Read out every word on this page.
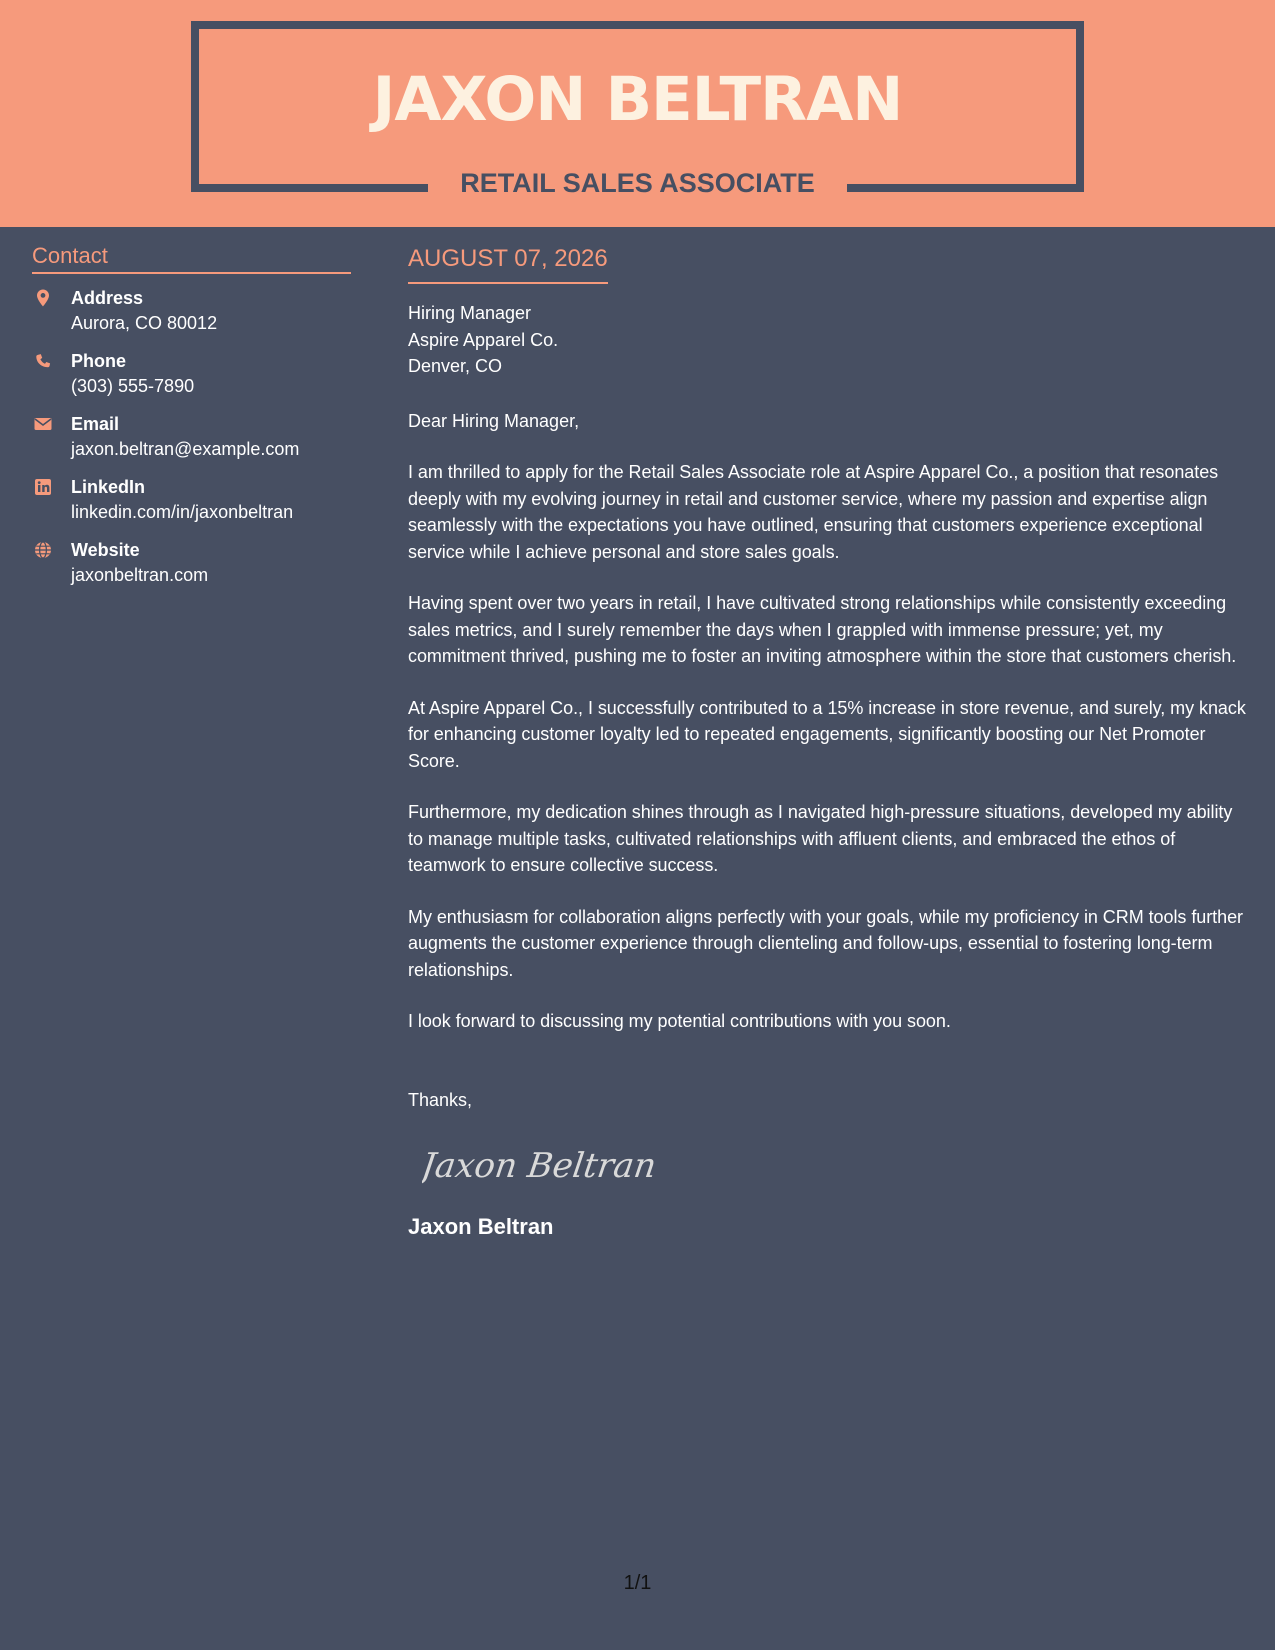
JAXON BELTRAN
RETAIL SALES ASSOCIATE
Contact
Address
Aurora, CO 80012
Phone
(303) 555-7890
Email
jaxon.beltran@example.com
LinkedIn
linkedin.com/in/jaxonbeltran
Website
jaxonbeltran.com
AUGUST 07, 2026
Hiring Manager
Aspire Apparel Co.
Denver, CO
Dear Hiring Manager,
I am thrilled to apply for the Retail Sales Associate role at Aspire Apparel Co., a position that resonates deeply with my evolving journey in retail and customer service, where my passion and expertise align seamlessly with the expectations you have outlined, ensuring that customers experience exceptional service while I achieve personal and store sales goals.
Having spent over two years in retail, I have cultivated strong relationships while consistently exceeding sales metrics, and I surely remember the days when I grappled with immense pressure; yet, my commitment thrived, pushing me to foster an inviting atmosphere within the store that customers cherish.
At Aspire Apparel Co., I successfully contributed to a 15% increase in store revenue, and surely, my knack for enhancing customer loyalty led to repeated engagements, significantly boosting our Net Promoter Score.
Furthermore, my dedication shines through as I navigated high-pressure situations, developed my ability to manage multiple tasks, cultivated relationships with affluent clients, and embraced the ethos of teamwork to ensure collective success.
My enthusiasm for collaboration aligns perfectly with your goals, while my proficiency in CRM tools further augments the customer experience through clienteling and follow-ups, essential to fostering long-term relationships.
I look forward to discussing my potential contributions with you soon.
Thanks,
Jaxon Beltran
Jaxon Beltran
1/1
